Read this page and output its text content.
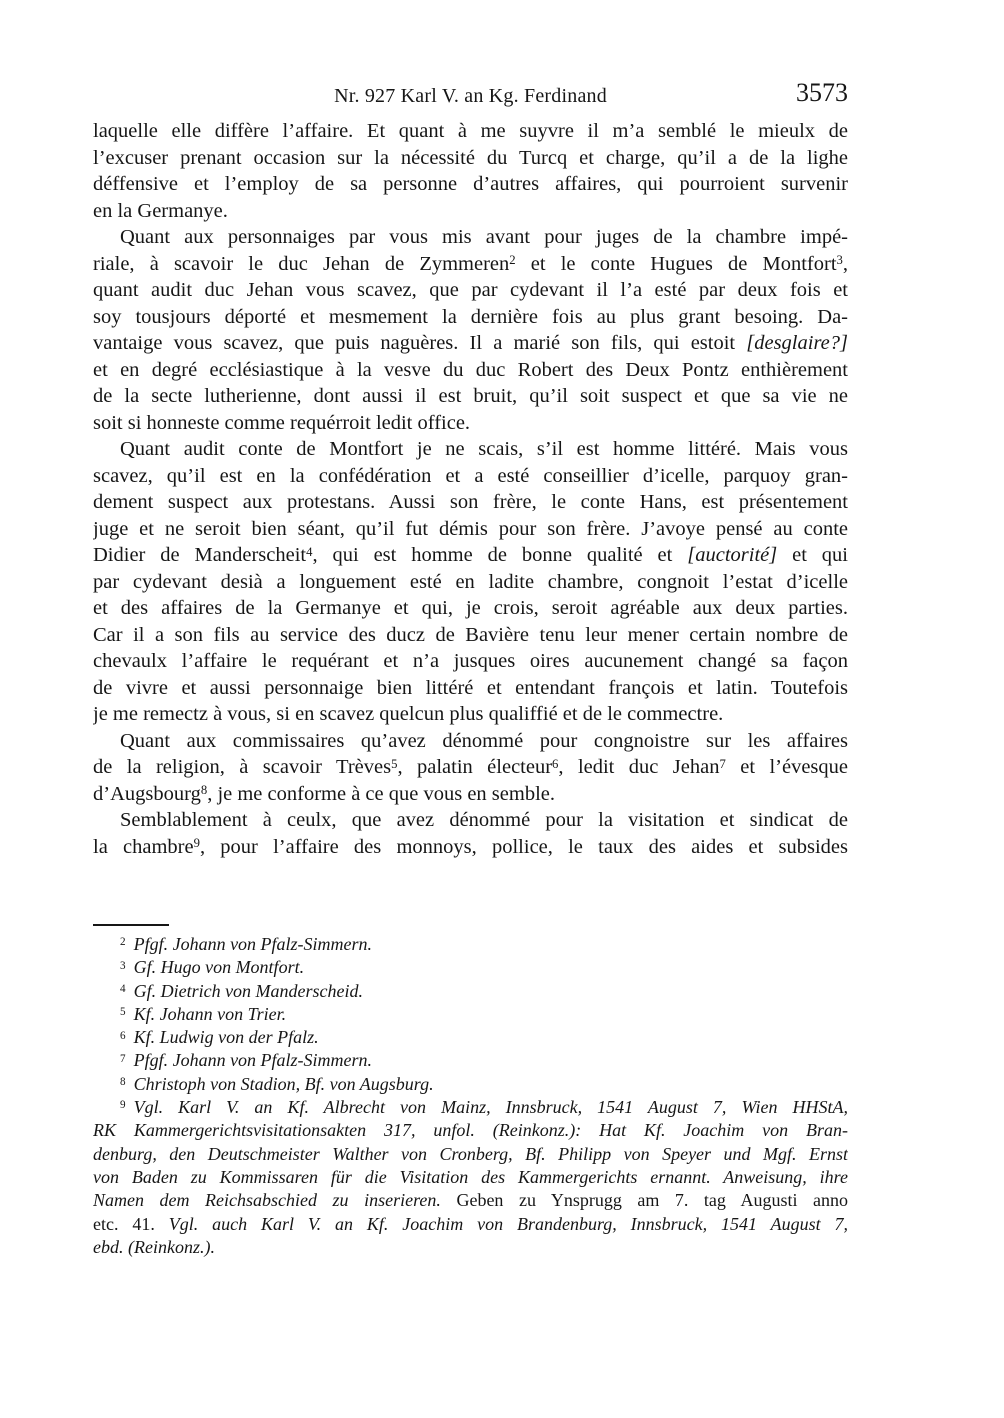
Nr. 927 Karl V. an Kg. Ferdinand	3573
laquelle elle diffère l’affaire. Et quant à me suyvre il m’a semblé le mieulx de
l’excuser prenant occasion sur la nécessité du Turcq et charge, qu’il a de la lighe
déffensive et l’employ de sa personne d’autres affaires, qui pourroient survenir
en la Germanye.
Quant aux personnaiges par vous mis avant pour juges de la chambre impé-
riale, à scavoir le duc Jehan de Zymmeren$^2$ et le conte Hugues de Montfort$^3$,
quant audit duc Jehan vous scavez, que par cydevant il l’a esté par deux fois et
soy tousjours déporté et mesmement la dernière fois au plus grant besoing. Da-
vantaige vous scavez, que puis naguères. Il a marié son fils, qui estoit [desglaire?]
et en degré ecclésiastique à la vesve du duc Robert des Deux Pontz enthièrement
de la secte lutherienne, dont aussi il est bruit, qu’il soit suspect et que sa vie ne
soit si honneste comme requérroit ledit office.
Quant audit conte de Montfort je ne scais, s’il est homme littéré. Mais vous
scavez, qu’il est en la confédération et a esté conseillier d’icelle, parquoy gran-
dement suspect aux protestans. Aussi son frère, le conte Hans, est présentement
juge et ne seroit bien séant, qu’il fut démis pour son frère. J’avoye pensé au conte
Didier de Manderscheit$^4$, qui est homme de bonne qualité et [auctorité] et qui
par cydevant desià a longuement esté en ladite chambre, congnoit l’estat d’icelle
et des affaires de la Germanye et qui, je crois, seroit agréable aux deux parties.
Car il a son fils au service des ducz de Bavière tenu leur mener certain nombre de
chevaulx l’affaire le requérant et n’a jusques oires aucunement changé sa façon
de vivre et aussi personnaige bien littéré et entendant françois et latin. Toutefois
je me remectz à vous, si en scavez quelcun plus qualiffié et de le commectre.
Quant aux commissaires qu’avez dénommé pour congnoistre sur les affaires
de la religion, à scavoir Trèves$^5$, palatin électeur$^6$, ledit duc Jehan$^7$ et l’évesque
d’Augsbourg$^8$, je me conforme à ce que vous en semble.
Semblablement à ceulx, que avez dénommé pour la visitation et sindicat de
la chambre$^9$, pour l’affaire des monnoys, pollice, le taux des aides et subsides
$^2$ Pfgf. Johann von Pfalz-Simmern.
$^3$ Gf. Hugo von Montfort.
$^4$ Gf. Dietrich von Manderscheid.
$^5$ Kf. Johann von Trier.
$^6$ Kf. Ludwig von der Pfalz.
$^7$ Pfgf. Johann von Pfalz-Simmern.
$^8$ Christoph von Stadion, Bf. von Augsburg.
$^9$ Vgl. Karl V. an Kf. Albrecht von Mainz, Innsbruck, 1541 August 7, Wien HHStA,
RK Kammergerichtsvisitationsakten 317, unfol. (Reinkonz.): Hat Kf. Joachim von Bran-
denburg, den Deutschmeister Walther von Cronberg, Bf. Philipp von Speyer und Mgf. Ernst
von Baden zu Kommissaren für die Visitation des Kammergerichts ernannt. Anweisung, ihre
Namen dem Reichsabschied zu inserieren. Geben zu Ynsprugg am 7. tag Augusti anno
etc. 41. Vgl. auch Karl V. an Kf. Joachim von Brandenburg, Innsbruck, 1541 August 7,
ebd. (Reinkonz.).
